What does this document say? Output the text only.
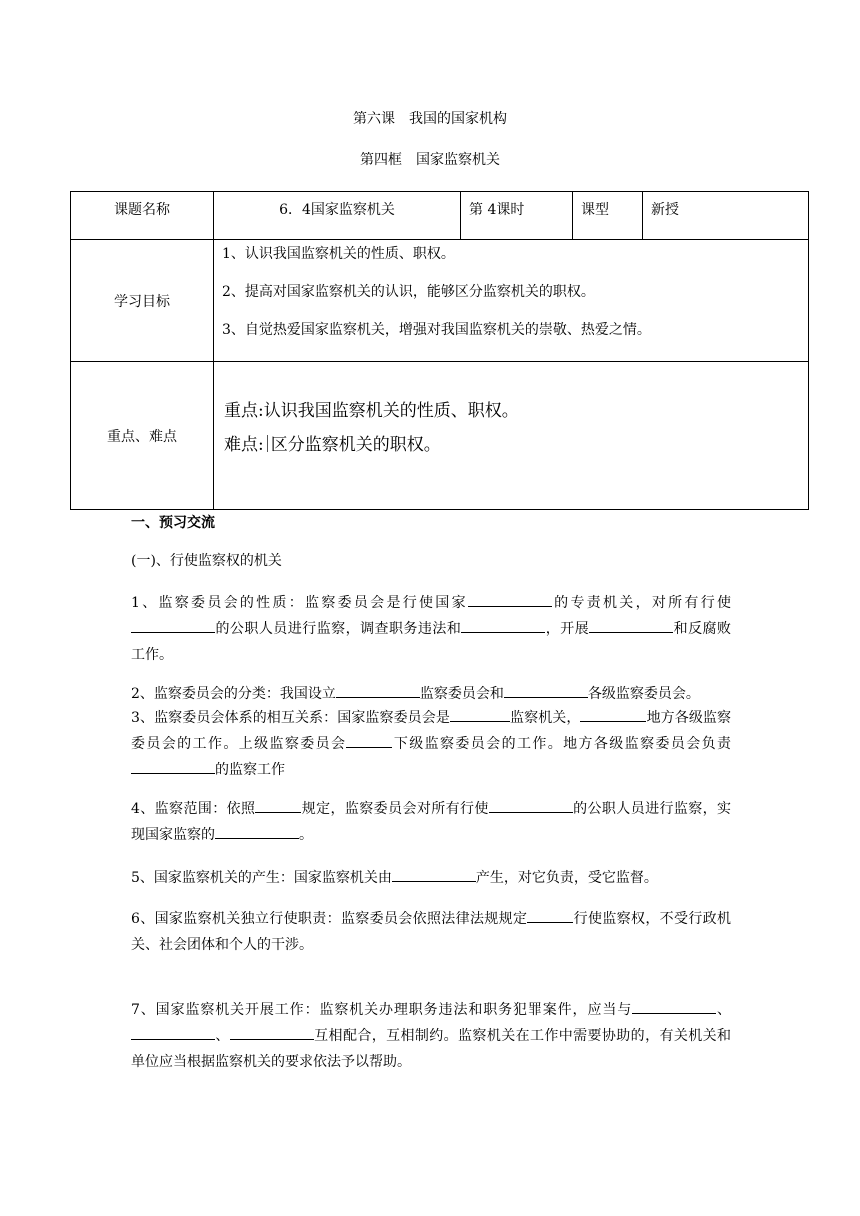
第六课　我国的国家机构
第四框　国家监察机关
课题名称	6．4国家监察机关	第 4课时	课型	新授
学习目标	1、认识我国监察机关的性质、职权。

2、提高对国家监察机关的认识，能够区分监察机关的职权。

3、自觉热爱国家监察机关，增强对我国监察机关的崇敬、热爱之情。			

重点、难点	重点:认识我国监察机关的性质、职权。

难点: 区分监察机关的职权。			

一、预习交流
(一)、行使监察权的机关
1、监察委员会的性质：监察委员会是行使国家	的专责机关，对所有行使的公职人员进行监察，调查职务违法和	，开展	和反腐败工作。
2、监察委员会的分类：我国设立	监察委员会和	各级监察委员会。
3、监察委员会体系的相互关系：国家监察委员会是	监察机关，	地方各级监察委员会的工作。上级监察委员会	下级监察委员会的工作。地方各级监察委员会负责的监察工作
4、监察范围：依照	规定，监察委员会对所有行使	的公职人员进行监察，实现国家监察的	。
5、国家监察机关的产生：国家监察机关由	产生，对它负责，受它监督。
6、国家监察机关独立行使职责：监察委员会依照法律法规规定	行使监察权，不受行政机关、社会团体和个人的干涉。
7、国家监察机关开展工作：监察机关办理职务违法和职务犯罪案件，应当与	、、	互相配合，互相制约。监察机关在工作中需要协助的，有关机关和单位应当根据监察机关的要求依法予以帮助。
